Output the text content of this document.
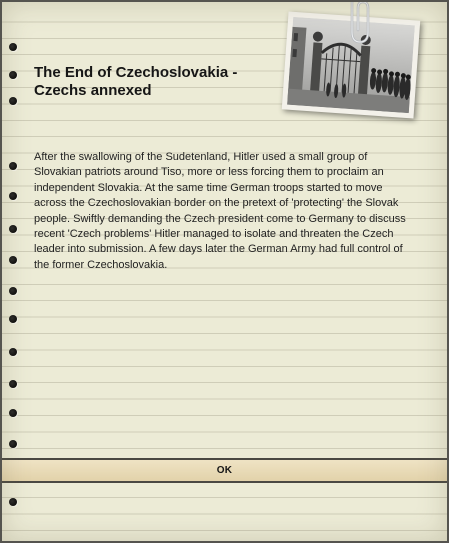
The End of Czechoslovakia - Czechs annexed

After the swallowing of the Sudetenland, Hitler used a small group of Slovakian patriots around Tiso, more or less forcing them to proclaim an independent Slovakia. At the same time German troops started to move across the Czechoslovakian border on the pretext of 'protecting' the Slovak people. Swiftly demanding the Czech president come to Germany to discuss recent 'Czech problems' Hitler managed to isolate and threaten the Czech leader into submission. A few days later the German Army had full control of the former Czechoslovakia.

OK
